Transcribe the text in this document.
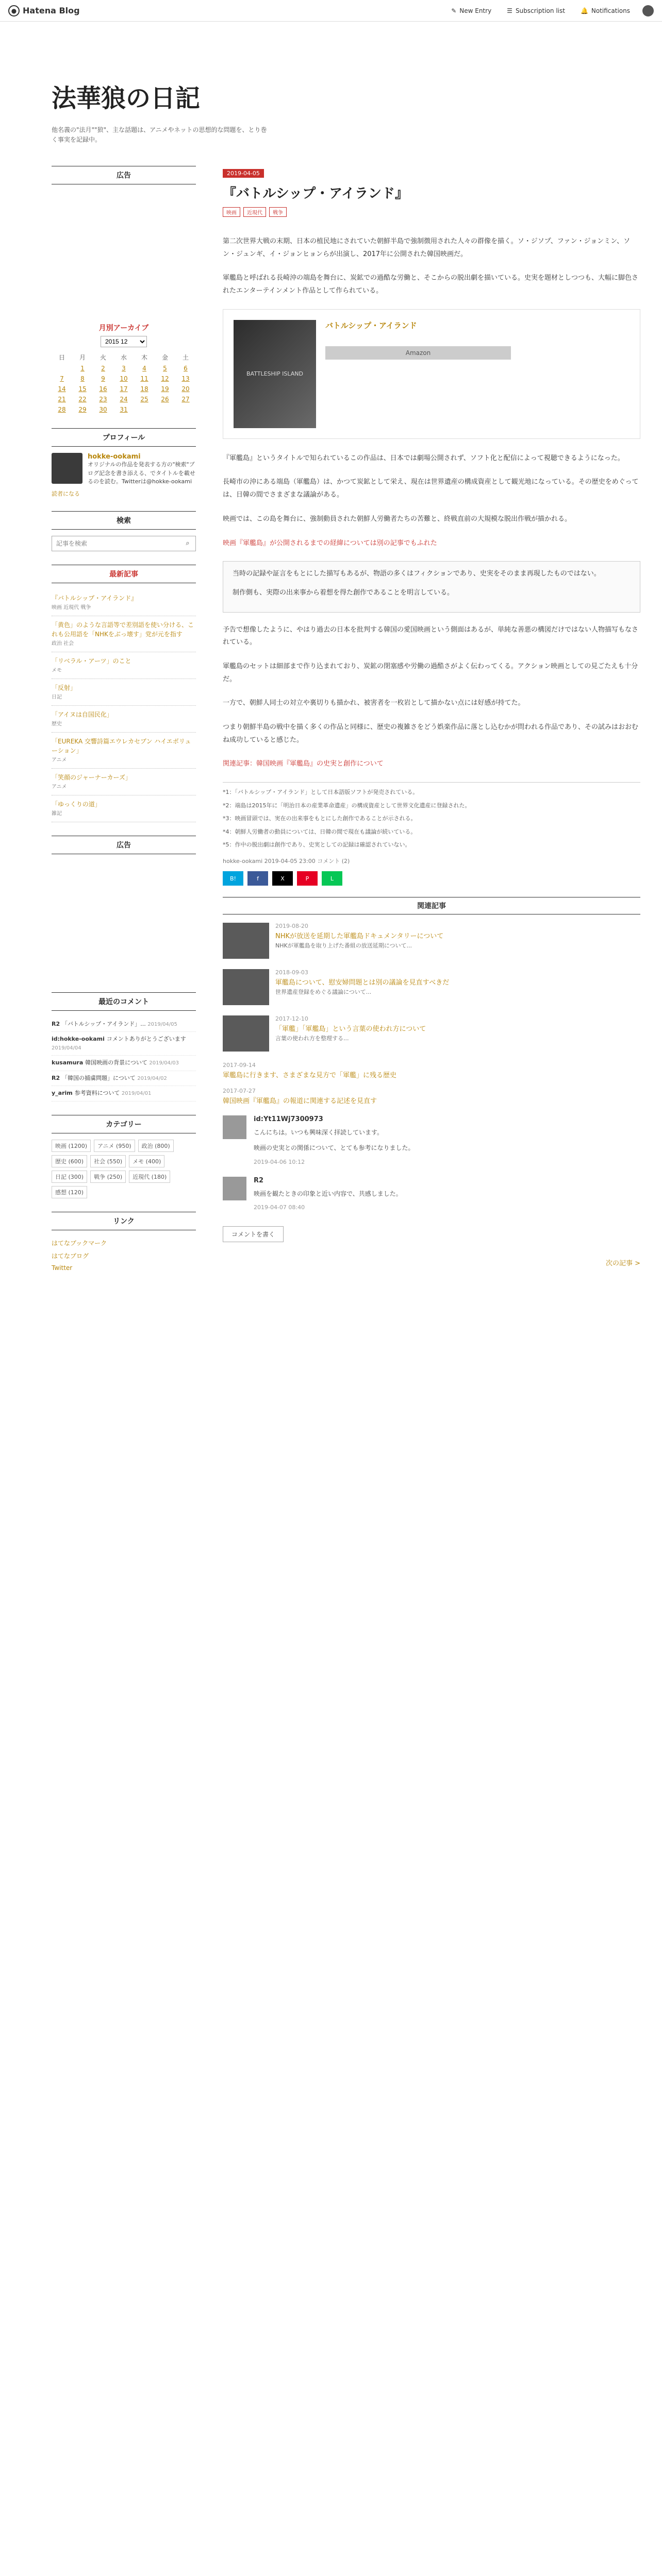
● Hatena Blog	✎ New Entry	☰ Subscription list	🔔 Notifications
法華狼の日記
他名義の"法月""狼"、主な話題は、アニメやネットの思想的な問題を、とり巻く事実を記録中。
広告
月別アーカイブ
2015 12
日	月	火	水	木	金	土
	1	2	3	4	5	6
7	8	9	10	11	12	13
14	15	16	17	18	19	20
21	22	23	24	25	26	27
28	29	30	31			
プロフィール
hokke-ookami
オリジナルの作品を発表する方の"検索"ブログ記念を書き添える、でタイトルを載せるのを読む。Twitterは@hokke-ookami
読者になる
検索
記事を検索
⌕
最新記事
『バトルシップ・アイランド』
映画 近現代 戦争
「黄色」のような言語等で差別語を使い分ける、これも公用語を「NHKをぶっ壊す」党が元を指す
政治 社会
「リベラル・アーツ」のこと
メモ
「反射」
日記
「アイヌは自国民化」
歴史
「EUREKA 交響詩篇エウレカセブン ハイエボリューション」
アニメ
「笑顔のジャーナーカーズ」
アニメ
「ゆっくりの道」
雑記
広告
最近のコメント
R2 「バトルシップ・アイランド」... 2019/04/05
id:hokke-ookami コメントありがとうございます 2019/04/04
kusamura 韓国映画の背景について 2019/04/03
R2 「韓国の捕虜問題」について 2019/04/02
y_arim 参考資料について 2019/04/01
カテゴリー
映画 (1200)	アニメ (950)	政治 (800)
歴史 (600)	社会 (550)	メモ (400)
日記 (300)	戦争 (250)	近現代 (180)
感想 (120)
リンク
はてなブックマーク
はてなブログ
Twitter
2019-04-05
『バトルシップ・アイランド』
映画	近現代	戦争

第二次世界大戦の末期、日本の植民地にされていた朝鮮半島で強制徴用された人々の群像を描く。ソ・ジソプ、ファン・ジョンミン、ソン・ジュンギ、イ・ジョンヒョンらが出演し、2017年に公開された韓国映画だ。

軍艦島と呼ばれる長崎沖の端島を舞台に、炭鉱での過酷な労働と、そこからの脱出劇を描いている。史実を題材としつつも、大幅に脚色されたエンターテインメント作品として作られている。

BATTLESHIP ISLAND
バトルシップ・アイランド
Amazon

『軍艦島』というタイトルで知られているこの作品は、日本では劇場公開されず、ソフト化と配信によって視聴できるようになった。

長崎市の沖にある端島（軍艦島）は、かつて炭鉱として栄え、現在は世界遺産の構成資産として観光地になっている。その歴史をめぐっては、日韓の間でさまざまな議論がある。

映画では、この島を舞台に、強制動員された朝鮮人労働者たちの苦難と、終戦直前の大規模な脱出作戦が描かれる。

映画『軍艦島』が公開されるまでの経緯については別の記事でもふれた

当時の記録や証言をもとにした描写もあるが、物語の多くはフィクションであり、史実をそのまま再現したものではない。

制作側も、実際の出来事から着想を得た創作であることを明言している。

予告で想像したように、やはり過去の日本を批判する韓国の愛国映画という側面はあるが、単純な善悪の構図だけではない人物描写もなされている。

軍艦島のセットは細部まで作り込まれており、炭鉱の閉塞感や労働の過酷さがよく伝わってくる。アクション映画としての見ごたえも十分だ。

一方で、朝鮮人同士の対立や裏切りも描かれ、被害者を一枚岩として描かない点には好感が持てた。

つまり朝鮮半島の戦中を描く多くの作品と同様に、歴史の複雑さをどう娯楽作品に落とし込むかが問われる作品であり、その試みはおおむね成功していると感じた。

関連記事：韓国映画『軍艦島』の史実と創作について

*1：「バトルシップ・アイランド」として日本語版ソフトが発売されている。

*2：端島は2015年に「明治日本の産業革命遺産」の構成資産として世界文化遺産に登録された。

*3：映画冒頭では、実在の出来事をもとにした創作であることが示される。

*4：朝鮮人労働者の動員については、日韓の間で現在も議論が続いている。

*5：作中の脱出劇は創作であり、史実としての記録は確認されていない。

hokke-ookami 2019-04-05 23:00 コメント (2)
B!	f	X	P	L
関連記事
2019-08-20
NHKが放送を延期した軍艦島ドキュメンタリーについて
NHKが軍艦島を取り上げた番組の放送延期について...
2018-09-03
軍艦島について、慰安婦問題とは別の議論を見直すべきだ
世界遺産登録をめぐる議論について...
2017-12-10
「軍艦」「軍艦島」という言葉の使われ方について
言葉の使われ方を整理する...
2017-09-14
軍艦島に行きます、さまざまな見方で「軍艦」に残る歴史
2017-07-27
韓国映画『軍艦島』の報道に関連する記述を見直す
id:Yt11Wj7300973

こんにちは。いつも興味深く拝読しています。

映画の史実との関係について、とても参考になりました。

2019-04-06 10:12
R2

映画を観たときの印象と近い内容で、共感しました。

2019-04-07 08:40
コメントを書く
次の記事 >
